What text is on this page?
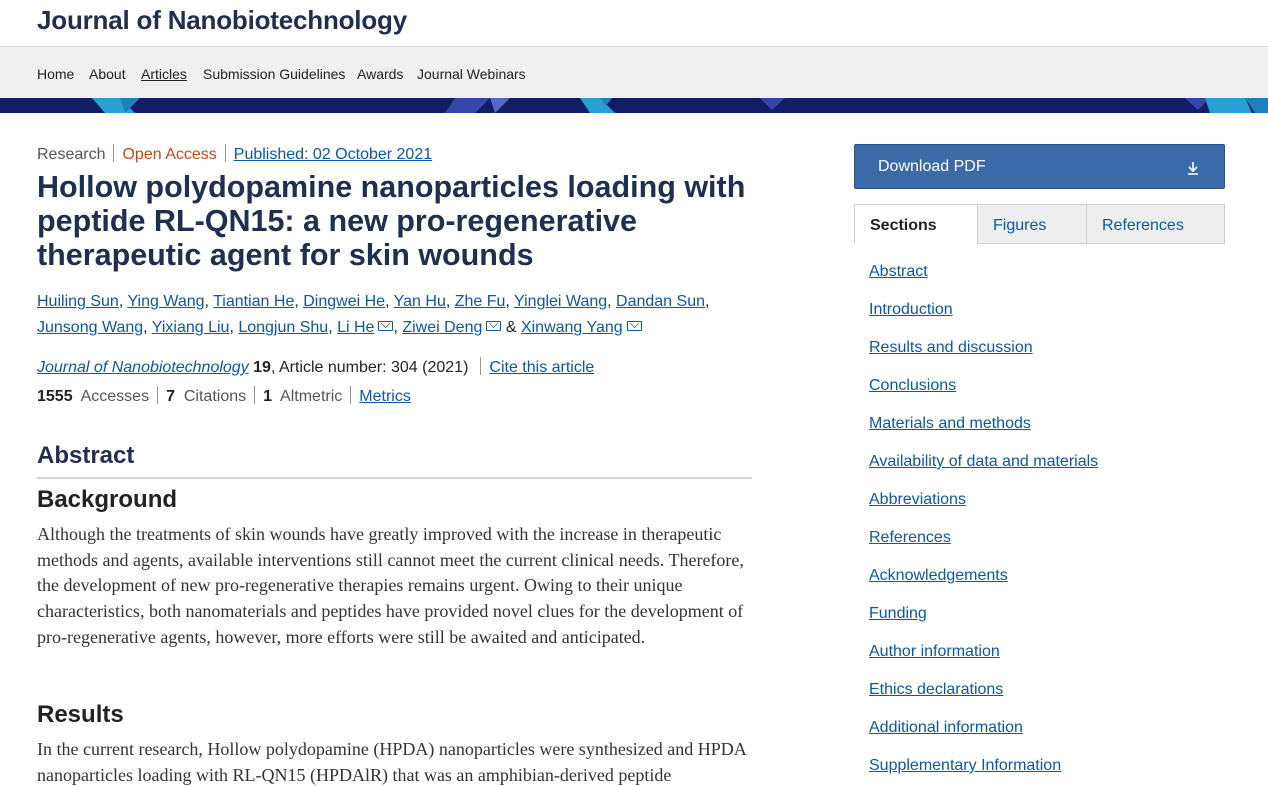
Journal of Nanobiotechnology
Home About Articles Submission Guidelines Awards Journal Webinars
Research Open Access Published: 02 October 2021
Hollow polydopamine nanoparticles loading with peptide RL-QN15: a new pro-regenerative therapeutic agent for skin wounds
Huiling Sun, Ying Wang, Tiantian He, Dingwei He, Yan Hu, Zhe Fu, Yinglei Wang, Dandan Sun, Junsong Wang, Yixiang Liu, Longjun Shu, Li He , Ziwei Deng & Xinwang Yang
Journal of Nanobiotechnology 19, Article number: 304 (2021) Cite this article
1555 Accesses 7 Citations 1 Altmetric Metrics
Abstract
Background

Although the treatments of skin wounds have greatly improved with the increase in therapeutic methods and agents, available interventions still cannot meet the current clinical needs. Therefore, the development of new pro-regenerative therapies remains urgent. Owing to their unique characteristics, both nanomaterials and peptides have provided novel clues for the development of pro-regenerative agents, however, more efforts were still be awaited and anticipated.

Results

In the current research, Hollow polydopamine (HPDA) nanoparticles were synthesized and HPDA nanoparticles loading with RL-QN15 (HPDAlR) that was an amphibian-derived peptide

Download PDF
Sections	Figures	References
Abstract
Introduction
Results and discussion
Conclusions
Materials and methods
Availability of data and materials
Abbreviations
References
Acknowledgements
Funding
Author information
Ethics declarations
Additional information
Supplementary Information
